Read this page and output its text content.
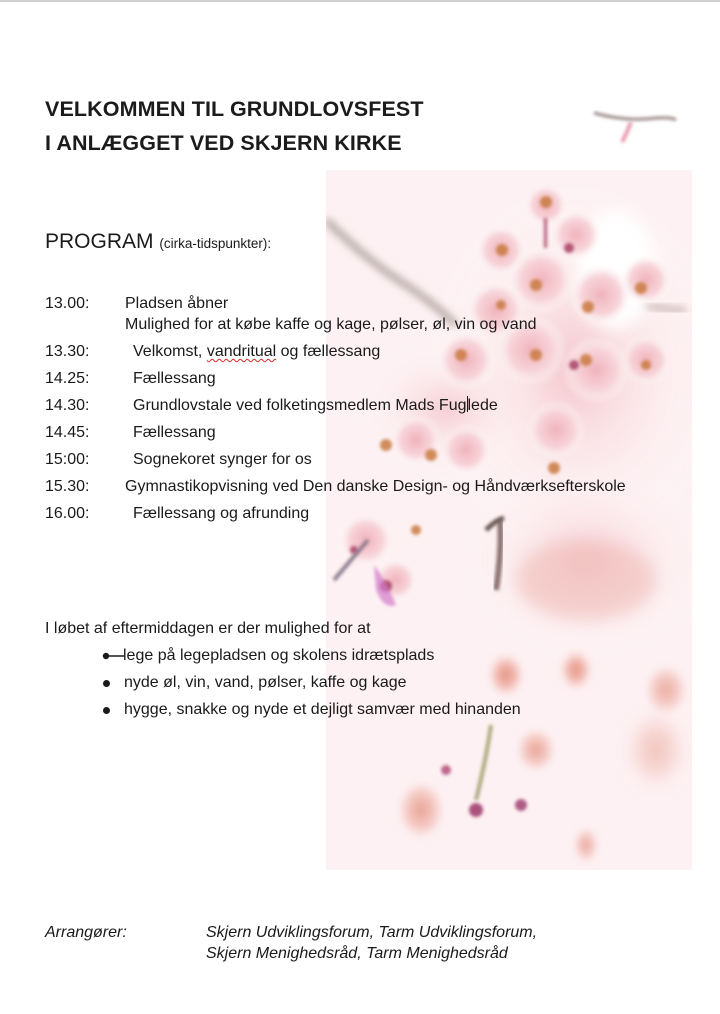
VELKOMMEN TIL GRUNDLOVSFEST
I ANLÆGGET VED SKJERN KIRKE
PROGRAM (cirka-tidspunkter):
13.00: Pladsen åbner
Mulighed for at købe kaffe og kage, pølser, øl, vin og vand
13.30:	Velkomst, vandritual og fællessang
14.25:	Fællessang
14.30:	Grundlovstale ved folketingsmedlem Mads Fuglede
14.45:	Fællessang
15:00:	Sognekoret synger for os
15.30: Gymnastikopvisning ved Den danske Design- og Håndværksefterskole
16.00:	Fællessang og afrunding
I løbet af eftermiddagen er der mulighed for at
lege på legepladsen og skolens idrætsplads
nyde øl, vin, vand, pølser, kaffe og kage
hygge, snakke og nyde et dejligt samvær med hinanden
Arrangører:	Skjern Udviklingsforum, Tarm Udviklingsforum,
Skjern Menighedsråd, Tarm Menighedsråd
